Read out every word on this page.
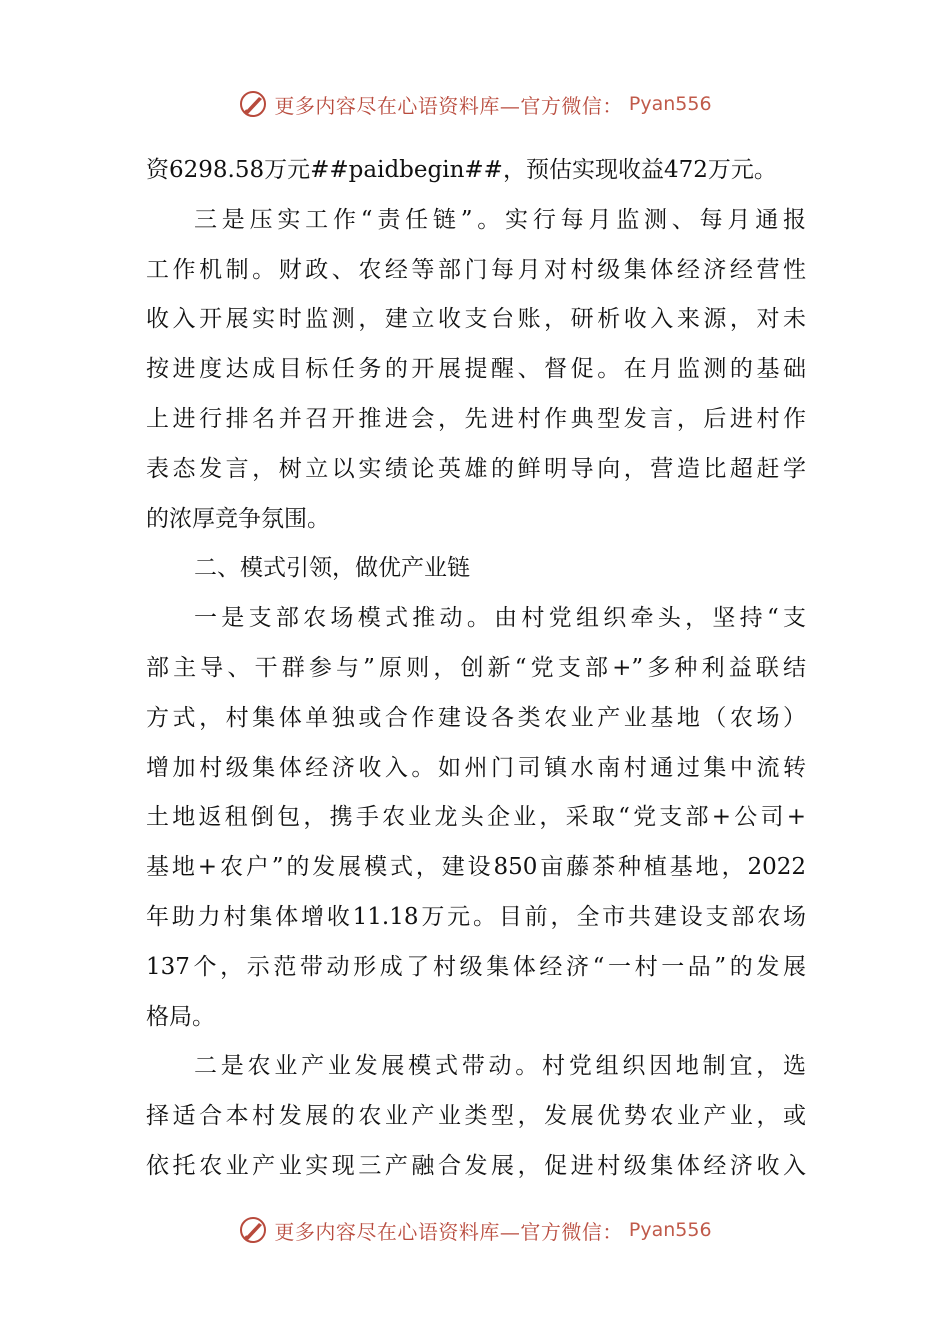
更多内容尽在心语资料库—官方微信： Pyan556
资6298.58万元##paidbegin##，预估实现收益472万元。
三是压实工作“责任链”。实行每月监测、每月通报
工作机制。财政、农经等部门每月对村级集体经济经营性
收入开展实时监测，建立收支台账，研析收入来源，对未
按进度达成目标任务的开展提醒、督促。在月监测的基础
上进行排名并召开推进会，先进村作典型发言，后进村作
表态发言，树立以实绩论英雄的鲜明导向，营造比超赶学
的浓厚竞争氛围。
二、模式引领，做优产业链
一是支部农场模式推动。由村党组织牵头，坚持“支
部主导、干群参与”原则，创新“党支部+”多种利益联结
方式，村集体单独或合作建设各类农业产业基地（农场）
增加村级集体经济收入。如州门司镇水南村通过集中流转
土地返租倒包，携手农业龙头企业，采取“党支部+公司+
基地+农户”的发展模式，建设850亩藤茶种植基地，2022
年助力村集体增收11.18万元。目前，全市共建设支部农场
137个，示范带动形成了村级集体经济“一村一品”的发展
格局。
二是农业产业发展模式带动。村党组织因地制宜，选
择适合本村发展的农业产业类型，发展优势农业产业，或
依托农业产业实现三产融合发展，促进村级集体经济收入
更多内容尽在心语资料库—官方微信： Pyan556
